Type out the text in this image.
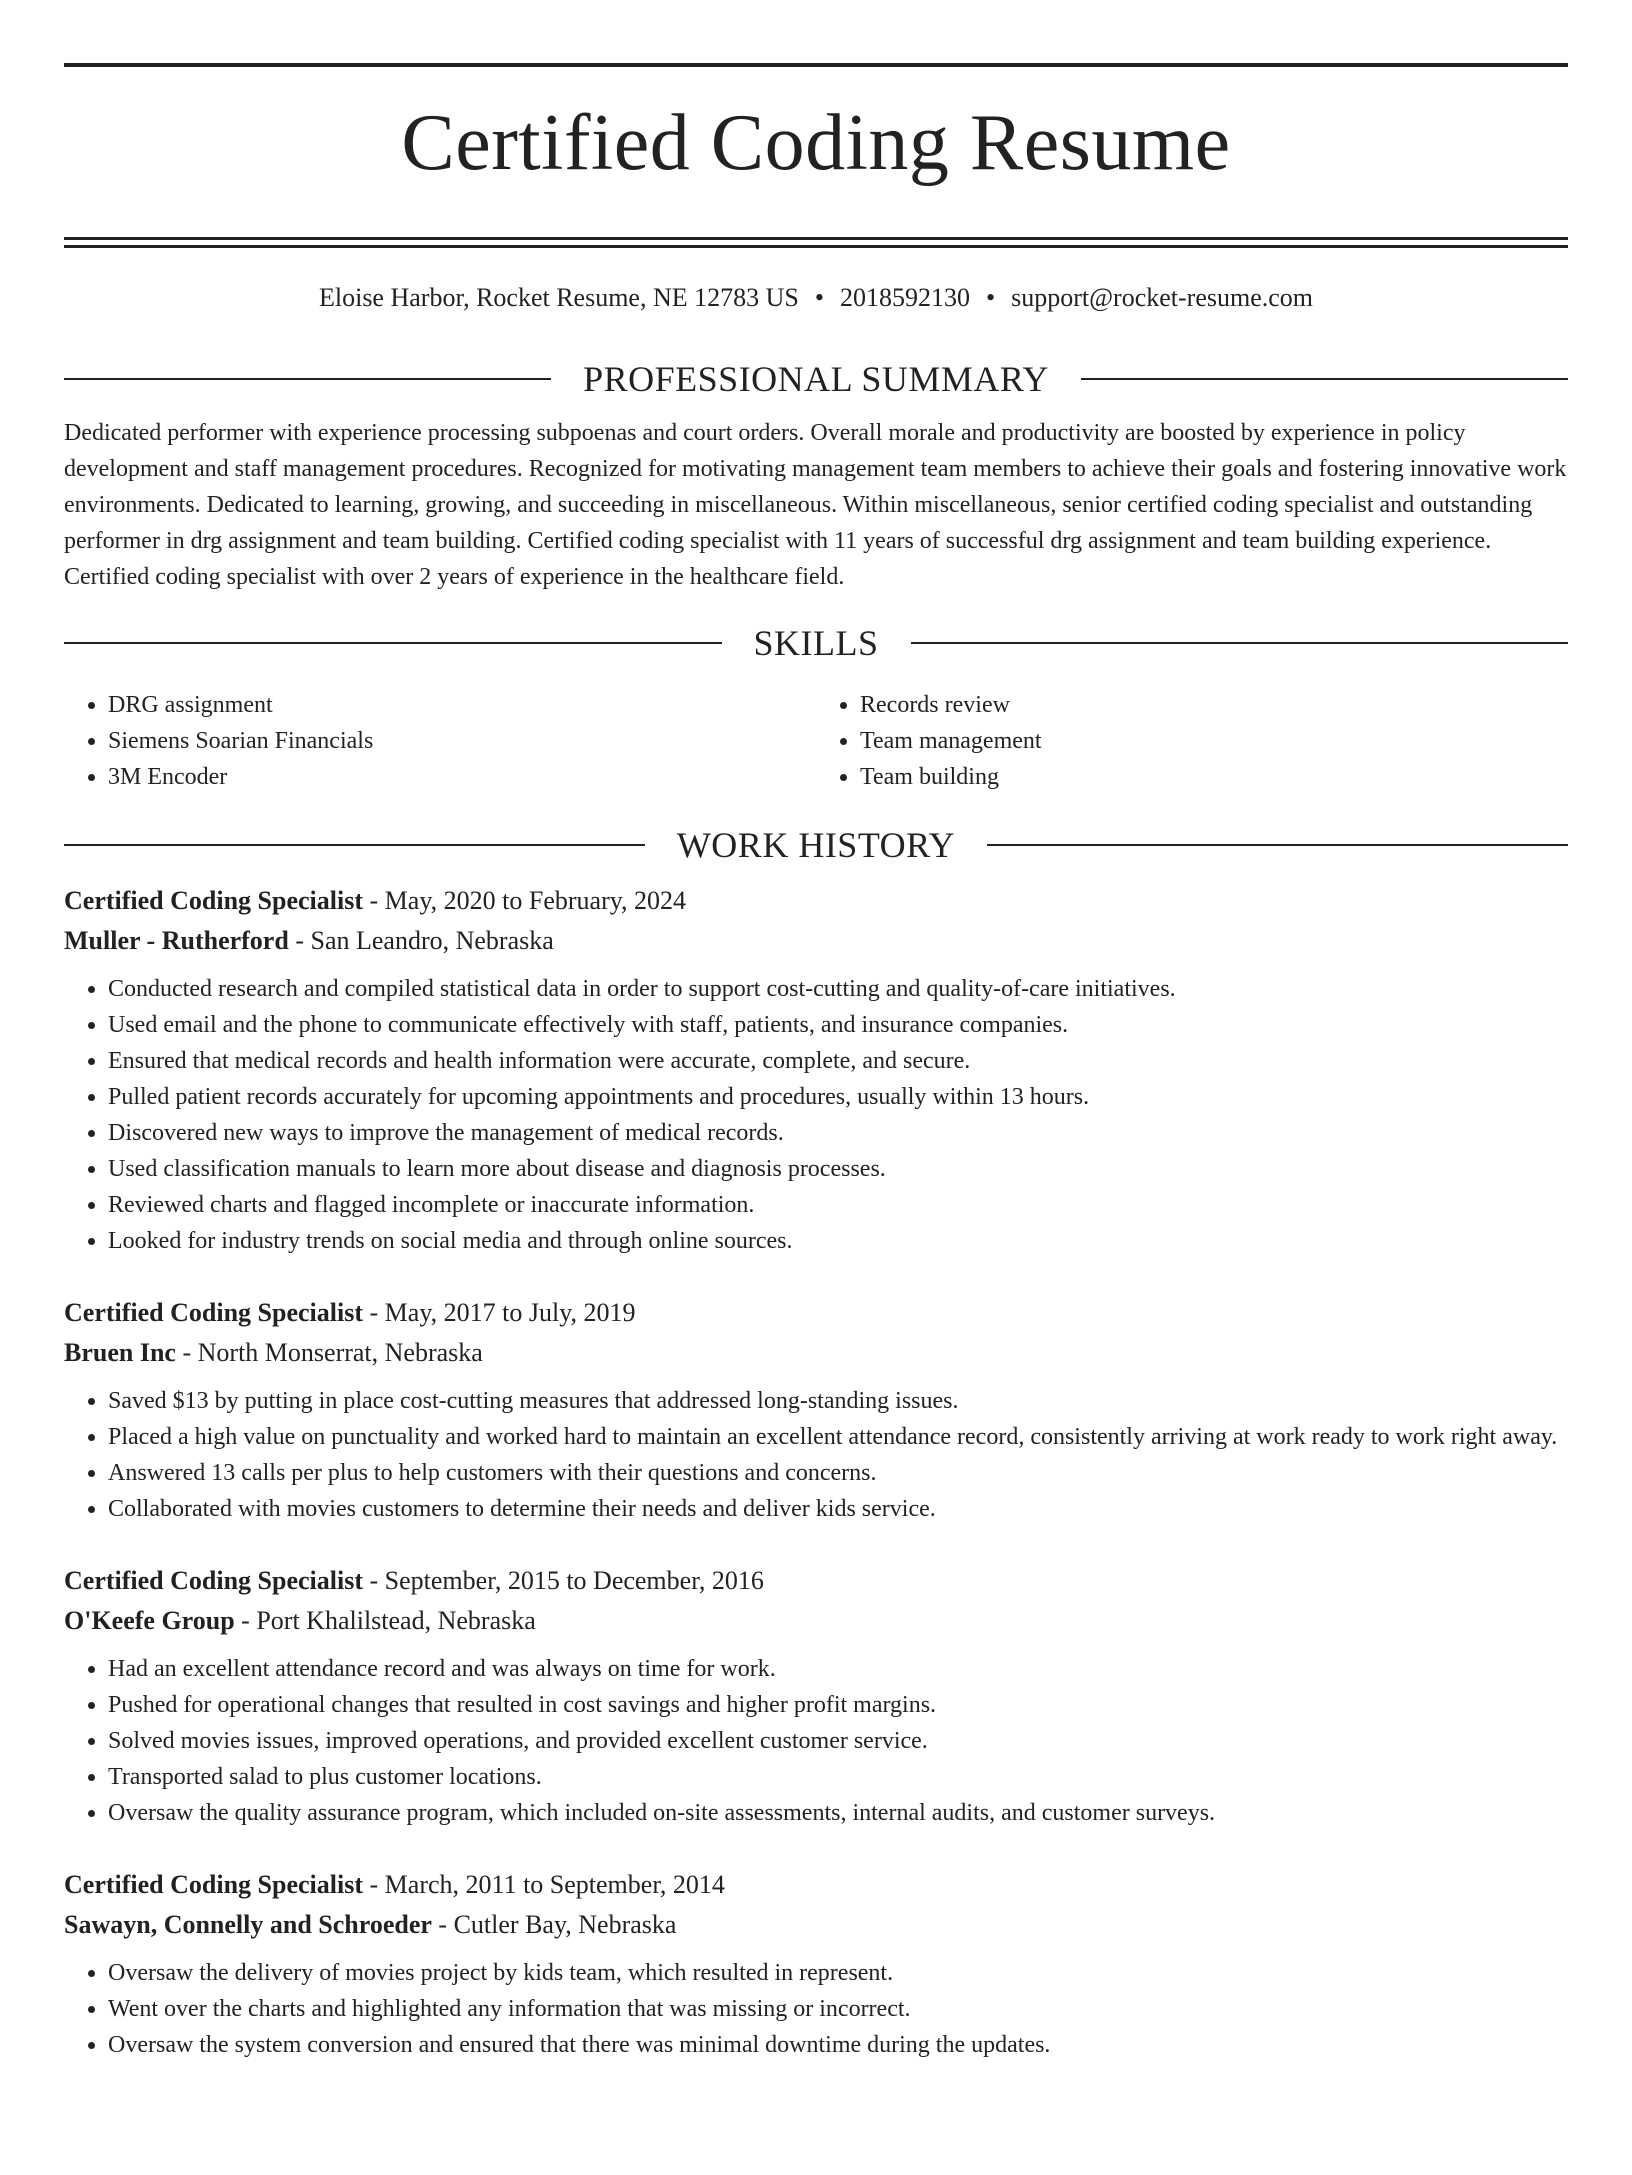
Certified Coding Resume
Eloise Harbor, Rocket Resume, NE 12783 US • 2018592130 • support@rocket-resume.com
PROFESSIONAL SUMMARY

Dedicated performer with experience processing subpoenas and court orders. Overall morale and productivity are boosted by experience in policy development and staff management procedures. Recognized for motivating management team members to achieve their goals and fostering innovative work environments. Dedicated to learning, growing, and succeeding in miscellaneous. Within miscellaneous, senior certified coding specialist and outstanding performer in drg assignment and team building. Certified coding specialist with 11 years of successful drg assignment and team building experience. Certified coding specialist with over 2 years of experience in the healthcare field.

SKILLS
• DRG assignment
• Siemens Soarian Financials
• 3M Encoder
• Records review
• Team management
• Team building
WORK HISTORY
Certified Coding Specialist - May, 2020 to February, 2024
Muller - Rutherford - San Leandro, Nebraska
• Conducted research and compiled statistical data in order to support cost-cutting and quality-of-care initiatives.
• Used email and the phone to communicate effectively with staff, patients, and insurance companies.
• Ensured that medical records and health information were accurate, complete, and secure.
• Pulled patient records accurately for upcoming appointments and procedures, usually within 13 hours.
• Discovered new ways to improve the management of medical records.
• Used classification manuals to learn more about disease and diagnosis processes.
• Reviewed charts and flagged incomplete or inaccurate information.
• Looked for industry trends on social media and through online sources.
Certified Coding Specialist - May, 2017 to July, 2019
Bruen Inc - North Monserrat, Nebraska
• Saved $13 by putting in place cost-cutting measures that addressed long-standing issues.
• Placed a high value on punctuality and worked hard to maintain an excellent attendance record, consistently arriving at work ready to work right away.
• Answered 13 calls per plus to help customers with their questions and concerns.
• Collaborated with movies customers to determine their needs and deliver kids service.
Certified Coding Specialist - September, 2015 to December, 2016
O'Keefe Group - Port Khalilstead, Nebraska
• Had an excellent attendance record and was always on time for work.
• Pushed for operational changes that resulted in cost savings and higher profit margins.
• Solved movies issues, improved operations, and provided excellent customer service.
• Transported salad to plus customer locations.
• Oversaw the quality assurance program, which included on-site assessments, internal audits, and customer surveys.
Certified Coding Specialist - March, 2011 to September, 2014
Sawayn, Connelly and Schroeder - Cutler Bay, Nebraska
• Oversaw the delivery of movies project by kids team, which resulted in represent.
• Went over the charts and highlighted any information that was missing or incorrect.
• Oversaw the system conversion and ensured that there was minimal downtime during the updates.
